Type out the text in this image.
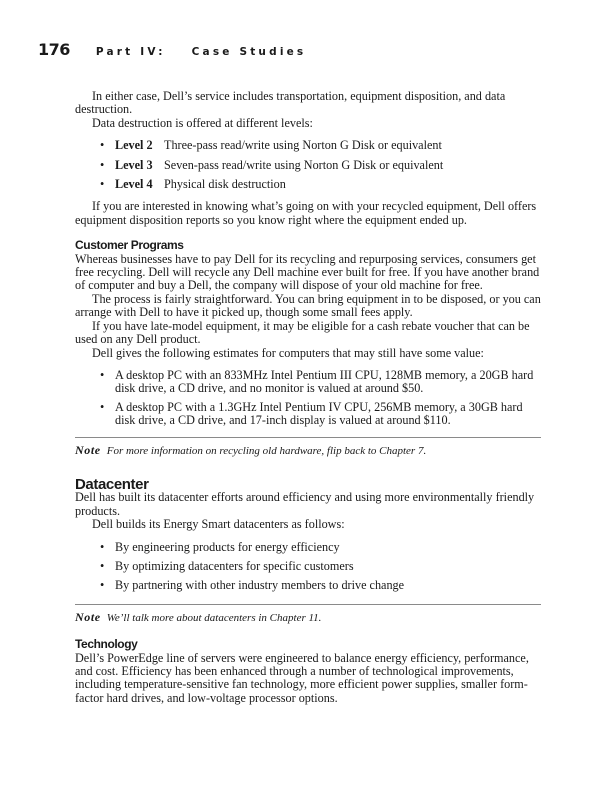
176 Part IV: Case Studies

In either case, Dell’s service includes transportation, equipment disposition, and data destruction.

Data destruction is offered at different levels:

• Level 2 Three-pass read/write using Norton G Disk or equivalent
• Level 3 Seven-pass read/write using Norton G Disk or equivalent
• Level 4 Physical disk destruction

If you are interested in knowing what’s going on with your recycled equipment, Dell offers equipment disposition reports so you know right where the equipment ended up.

Customer Programs

Whereas businesses have to pay Dell for its recycling and repurposing services, consumers get free recycling. Dell will recycle any Dell machine ever built for free. If you have another brand of computer and buy a Dell, the company will dispose of your old machine for free.

The process is fairly straightforward. You can bring equipment in to be disposed, or you can arrange with Dell to have it picked up, though some small fees apply.

If you have late-model equipment, it may be eligible for a cash rebate voucher that can be used on any Dell product.

Dell gives the following estimates for computers that may still have some value:

• A desktop PC with an 833MHz Intel Pentium III CPU, 128MB memory, a 20GB hard disk drive, a CD drive, and no monitor is valued at around $50.
• A desktop PC with a 1.3GHz Intel Pentium IV CPU, 256MB memory, a 30GB hard disk drive, a CD drive, and 17-inch display is valued at around $110.
Note For more information on recycling old hardware, flip back to Chapter 7.
Datacenter

Dell has built its datacenter efforts around efficiency and using more environmentally friendly products.

Dell builds its Energy Smart datacenters as follows:

• By engineering products for energy efficiency
• By optimizing datacenters for specific customers
• By partnering with other industry members to drive change
Note We’ll talk more about datacenters in Chapter 11.
Technology

Dell’s PowerEdge line of servers were engineered to balance energy efficiency, performance, and cost. Efficiency has been enhanced through a number of technological improvements, including temperature-sensitive fan technology, more efficient power supplies, smaller form-factor hard drives, and low-voltage processor options.
